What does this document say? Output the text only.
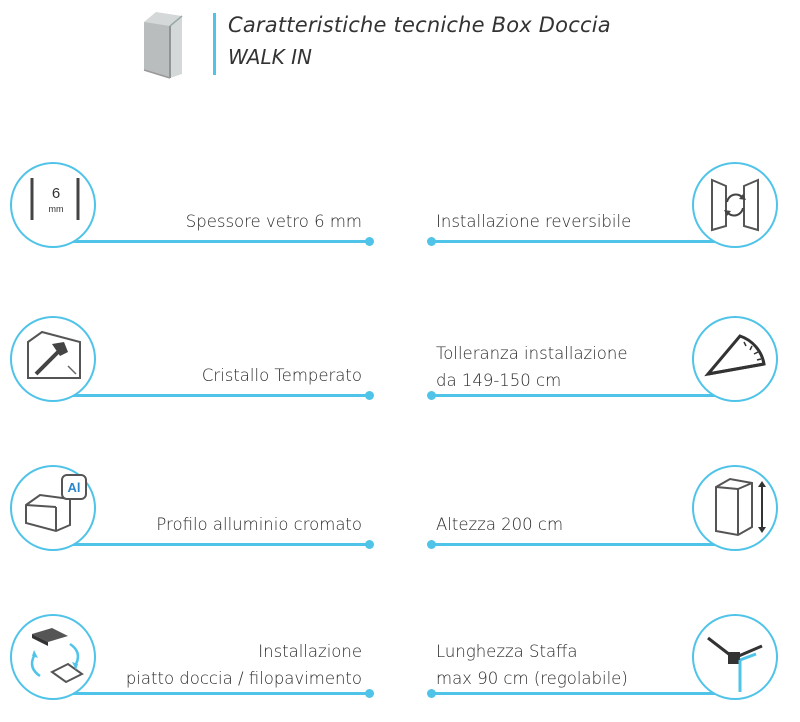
Caratteristiche tecniche Box Doccia
WALK IN
6
mm
Spessore vetro 6 mm	Installazione reversibile
Cristallo Temperato
Tolleranza installazione
da 149-150 cm
Al
Profilo alluminio cromato	Altezza 200 cm
Installazione
piatto doccia / filopavimento
Lunghezza Staffa
max 90 cm (regolabile)
